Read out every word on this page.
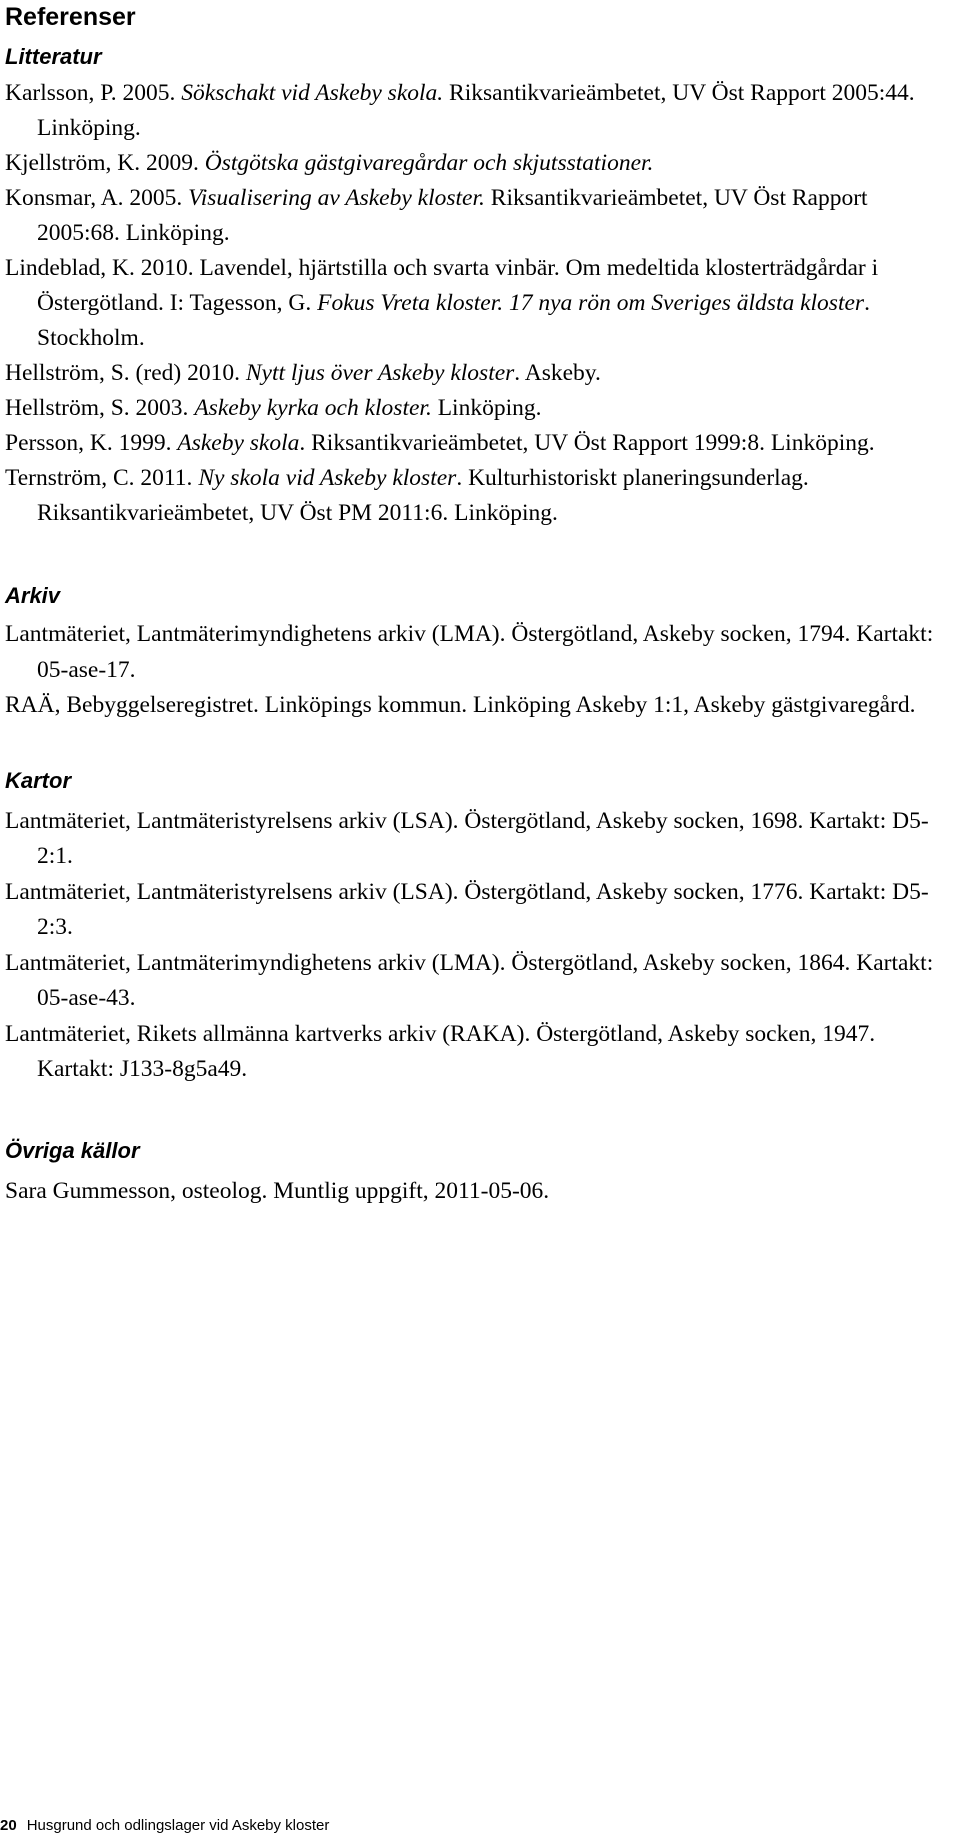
Referenser
Litteratur

Karlsson, P. 2005. Sökschakt vid Askeby skola. Riksantikvarieämbetet, UV Öst Rapport 2005:44. Linköping.

Kjellström, K. 2009. Östgötska gästgivaregårdar och skjutsstationer.

Konsmar, A. 2005. Visualisering av Askeby kloster. Riksantikvarieämbetet, UV Öst Rapport 2005:68. Linköping.

Lindeblad, K. 2010. Lavendel, hjärtstilla och svarta vinbär. Om medeltida klosterträdgårdar i Östergötland. I: Tagesson, G. Fokus Vreta kloster. 17 nya rön om Sveriges äldsta kloster. Stockholm.

Hellström, S. (red) 2010. Nytt ljus över Askeby kloster. Askeby.

Hellström, S. 2003. Askeby kyrka och kloster. Linköping.

Persson, K. 1999. Askeby skola. Riksantikvarieämbetet, UV Öst Rapport 1999:8. Linköping.

Ternström, C. 2011. Ny skola vid Askeby kloster. Kulturhistoriskt planeringsunderlag. Riksantikvarieämbetet, UV Öst PM 2011:6. Linköping.

Arkiv

Lantmäteriet, Lantmäterimyndighetens arkiv (LMA). Östergötland, Askeby socken, 1794. Kartakt: 05-ase-17.

RAÄ, Bebyggelseregistret. Linköpings kommun. Linköping Askeby 1:1, Askeby gästgivaregård.

Kartor

Lantmäteriet, Lantmäteristyrelsens arkiv (LSA). Östergötland, Askeby socken, 1698. Kartakt: D5-2:1.

Lantmäteriet, Lantmäteristyrelsens arkiv (LSA). Östergötland, Askeby socken, 1776. Kartakt: D5-2:3.

Lantmäteriet, Lantmäterimyndighetens arkiv (LMA). Östergötland, Askeby socken, 1864. Kartakt: 05-ase-43.

Lantmäteriet, Rikets allmänna kartverks arkiv (RAKA). Östergötland, Askeby socken, 1947. Kartakt: J133-8g5a49.

Övriga källor

Sara Gummesson, osteolog. Muntlig uppgift, 2011-05-06.

20 Husgrund och odlingslager vid Askeby kloster
